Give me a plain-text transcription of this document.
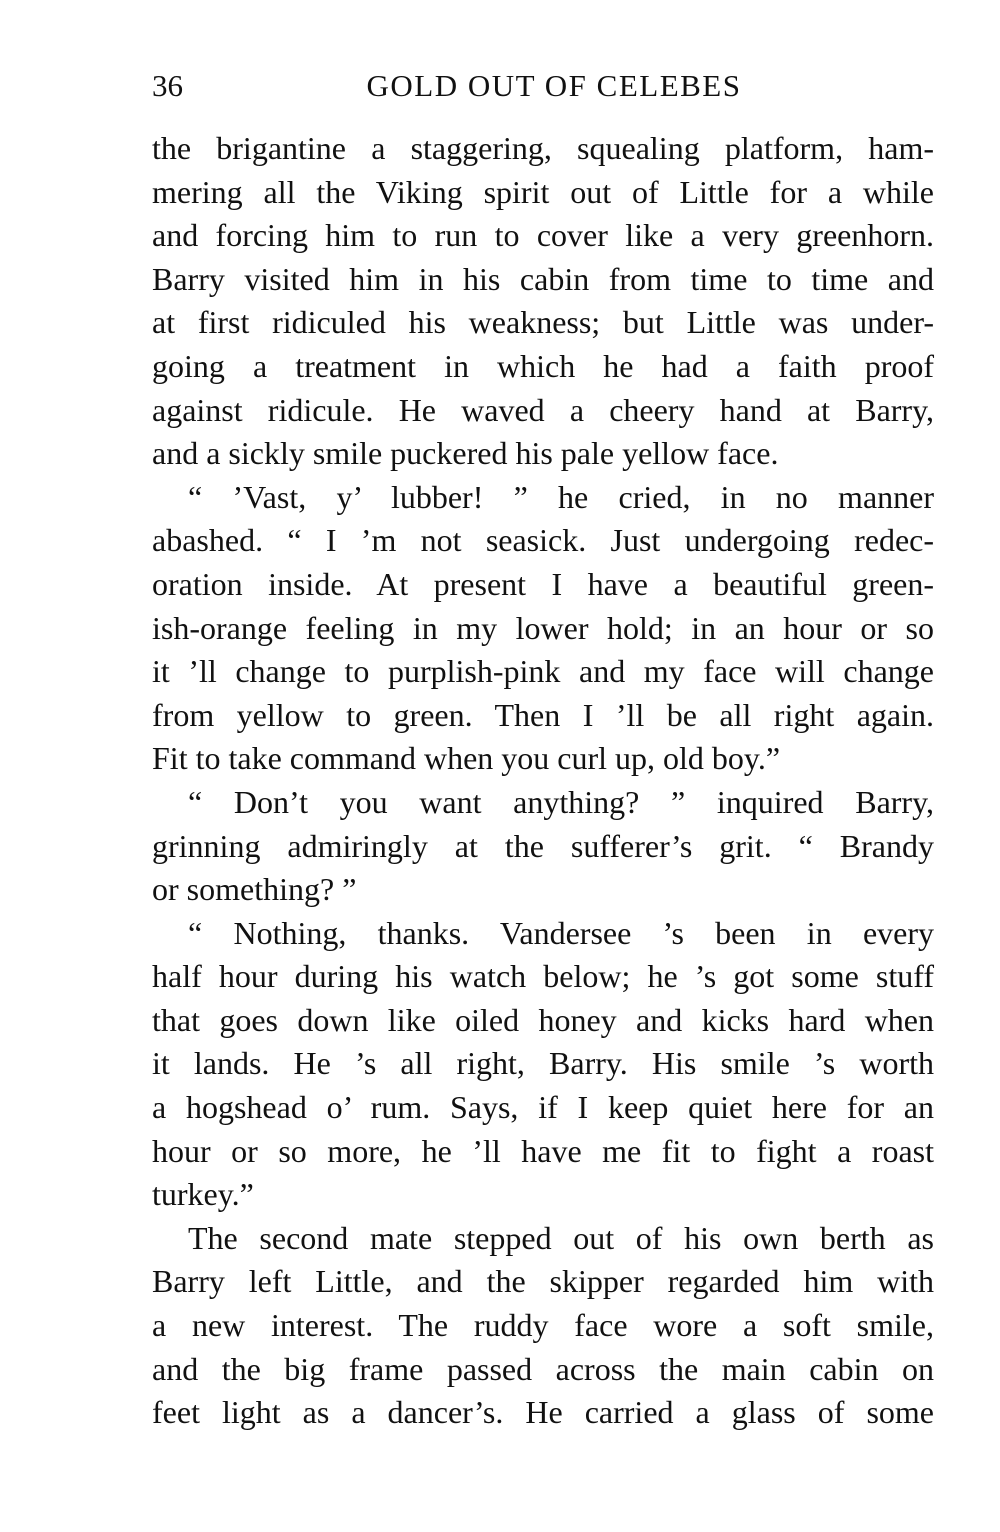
36	GOLD OUT OF CELEBES

the brigantine a staggering, squealing platform, ham-
mering all the Viking spirit out of Little for a while
and forcing him to run to cover like a very greenhorn.
Barry visited him in his cabin from time to time and
at first ridiculed his weakness; but Little was under-
going a treatment in which he had a faith proof
against ridicule. He waved a cheery hand at Barry,
and a sickly smile puckered his pale yellow face.

“ ’Vast, y’ lubber! ” he cried, in no manner
abashed. “ I ’m not seasick. Just undergoing redec-
oration inside. At present I have a beautiful green-
ish-orange feeling in my lower hold; in an hour or so
it ’ll change to purplish-pink and my face will change
from yellow to green. Then I ’ll be all right again.
Fit to take command when you curl up, old boy.”

“ Don’t you want anything? ” inquired Barry,
grinning admiringly at the sufferer’s grit. “ Brandy
or something? ”

“ Nothing, thanks. Vandersee ’s been in every
half hour during his watch below; he ’s got some stuff
that goes down like oiled honey and kicks hard when
it lands. He ’s all right, Barry. His smile ’s worth
a hogshead o’ rum. Says, if I keep quiet here for an
hour or so more, he ’ll have me fit to fight a roast
turkey.”

The second mate stepped out of his own berth as
Barry left Little, and the skipper regarded him with
a new interest. The ruddy face wore a soft smile,
and the big frame passed across the main cabin on
feet light as a dancer’s. He carried a glass of some
